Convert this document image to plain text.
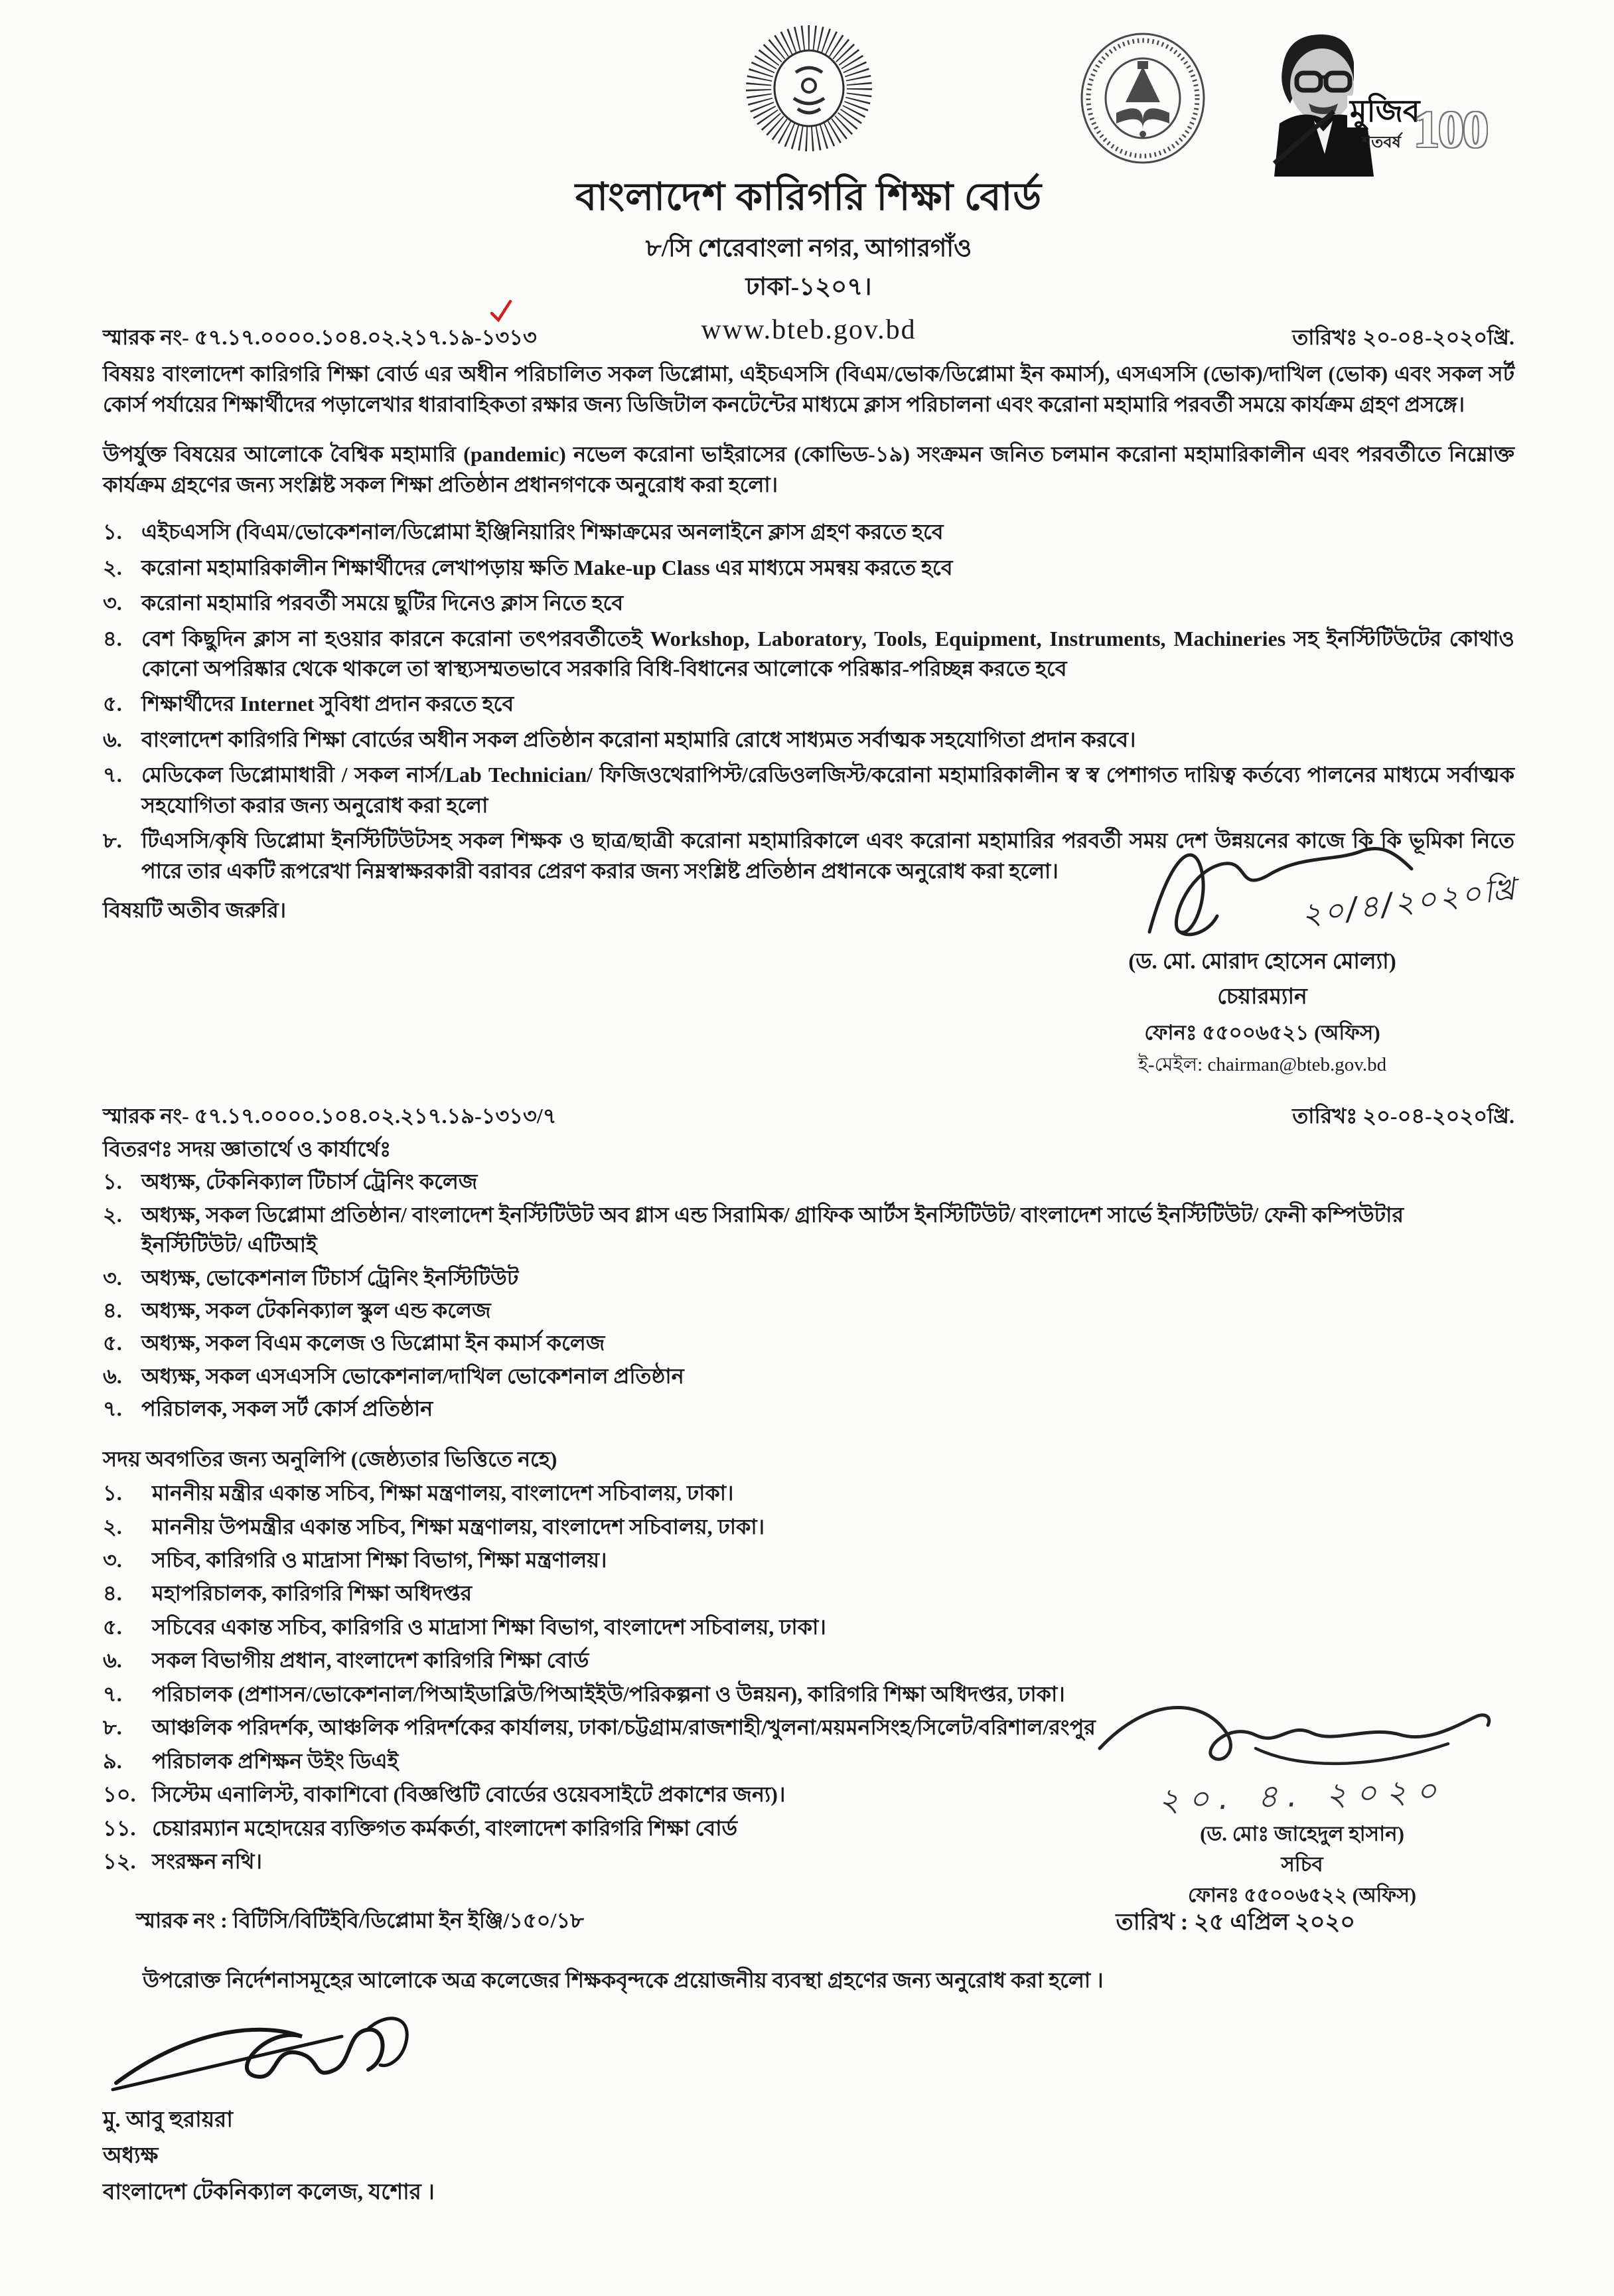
বাংলাদেশ কারিগরি শিক্ষা বোর্ড
৮/সি শেরেবাংলা নগর, আগারগাঁও
ঢাকা-১২০৭।
www.bteb.gov.bd
মুজিব
শতবর্ষ 100
স্মারক নং- ৫৭.১৭.০০০০.১০৪.০২.২১৭.১৯-১৩১৩	তারিখঃ ২০-০৪-২০২০খ্রি.

বিষয়ঃ বাংলাদেশ কারিগরি শিক্ষা বোর্ড এর অধীন পরিচালিত সকল ডিপ্লোমা, এইচএসসি (বিএম/ভোক/ডিপ্লোমা ইন কমার্স), এসএসসি (ভোক)/দাখিল (ভোক) এবং সকল সর্ট কোর্স পর্যায়ের শিক্ষার্থীদের পড়ালেখার ধারাবাহিকতা রক্ষার জন্য ডিজিটাল কনটেন্টের মাধ্যমে ক্লাস পরিচালনা এবং করোনা মহামারি পরবর্তী সময়ে কার্যক্রম গ্রহণ প্রসঙ্গে।

উপর্যুক্ত বিষয়ের আলোকে বৈশ্বিক মহামারি (pandemic) নভেল করোনা ভাইরাসের (কোভিড-১৯) সংক্রমন জনিত চলমান করোনা মহামারিকালীন এবং পরবর্তীতে নিম্নোক্ত কার্যক্রম গ্রহণের জন্য সংশ্লিষ্ট সকল শিক্ষা প্রতিষ্ঠান প্রধানগণকে অনুরোধ করা হলো।

১. এইচএসসি (বিএম/ভোকেশনাল/ডিপ্লোমা ইঞ্জিনিয়ারিং শিক্ষাক্রমের অনলাইনে ক্লাস গ্রহণ করতে হবে
২. করোনা মহামারিকালীন শিক্ষার্থীদের লেখাপড়ায় ক্ষতি Make-up Class এর মাধ্যমে সমন্বয় করতে হবে
৩. করোনা মহামারি পরবর্তী সময়ে ছুটির দিনেও ক্লাস নিতে হবে
৪. বেশ কিছুদিন ক্লাস না হওয়ার কারনে করোনা তৎপরবর্তীতেই Workshop, Laboratory, Tools, Equipment, Instruments, Machineries সহ ইনস্টিটিউটের কোথাও কোনো অপরিষ্কার থেকে থাকলে তা স্বাস্থ্যসম্মতভাবে সরকারি বিধি-বিধানের আলোকে পরিষ্কার-পরিচ্ছন্ন করতে হবে
৫. শিক্ষার্থীদের Internet সুবিধা প্রদান করতে হবে
৬. বাংলাদেশ কারিগরি শিক্ষা বোর্ডের অধীন সকল প্রতিষ্ঠান করোনা মহামারি রোধে সাধ্যমত সর্বাত্মক সহযোগিতা প্রদান করবে।
৭. মেডিকেল ডিপ্লোমাধারী / সকল নার্স/Lab Technician/ ফিজিওথেরাপিস্ট/রেডিওলজিস্ট/করোনা মহামারিকালীন স্ব স্ব পেশাগত দায়িত্ব কর্তব্যে পালনের মাধ্যমে সর্বাত্মক সহযোগিতা করার জন্য অনুরোধ করা হলো
৮. টিএসসি/কৃষি ডিপ্লোমা ইনস্টিটিউটসহ সকল শিক্ষক ও ছাত্র/ছাত্রী করোনা মহামারিকালে এবং করোনা মহামারির পরবর্তী সময় দেশ উন্নয়নের কাজে কি কি ভূমিকা নিতে পারে তার একটি রূপরেখা নিম্নস্বাক্ষরকারী বরাবর প্রেরণ করার জন্য সংশ্লিষ্ট প্রতিষ্ঠান প্রধানকে অনুরোধ করা হলো।

বিষয়টি অতীব জরুরি।	২০/৪/২০২০খ্রি
(ড. মো. মোরাদ হোসেন মোল্যা)
চেয়ারম্যান
ফোনঃ ৫৫০০৬৫২১ (অফিস)
ই-মেইল: chairman@bteb.gov.bd
স্মারক নং- ৫৭.১৭.০০০০.১০৪.০২.২১৭.১৯-১৩১৩/৭	তারিখঃ ২০-০৪-২০২০খ্রি.
বিতরণঃ সদয় জ্ঞাতার্থে ও কার্যার্থেঃ
১. অধ্যক্ষ, টেকনিক্যাল টিচার্স ট্রেনিং কলেজ
২. অধ্যক্ষ, সকল ডিপ্লোমা প্রতিষ্ঠান/ বাংলাদেশ ইনস্টিটিউট অব গ্লাস এন্ড সিরামিক/ গ্রাফিক আর্টস ইনস্টিটিউট/ বাংলাদেশ সার্ভে ইনস্টিটিউট/ ফেনী কম্পিউটার ইনস্টিটিউট/ এটিআই
৩. অধ্যক্ষ, ভোকেশনাল টিচার্স ট্রেনিং ইনস্টিটিউট
৪. অধ্যক্ষ, সকল টেকনিক্যাল স্কুল এন্ড কলেজ
৫. অধ্যক্ষ, সকল বিএম কলেজ ও ডিপ্লোমা ইন কমার্স কলেজ
৬. অধ্যক্ষ, সকল এসএসসি ভোকেশনাল/দাখিল ভোকেশনাল প্রতিষ্ঠান
৭. পরিচালক, সকল সর্ট কোর্স প্রতিষ্ঠান
সদয় অবগতির জন্য অনুলিপি (জেষ্ঠ্যতার ভিত্তিতে নহে)
১.	মাননীয় মন্ত্রীর একান্ত সচিব, শিক্ষা মন্ত্রণালয়, বাংলাদেশ সচিবালয়, ঢাকা।
২.	মাননীয় উপমন্ত্রীর একান্ত সচিব, শিক্ষা মন্ত্রণালয়, বাংলাদেশ সচিবালয়, ঢাকা।
৩.	সচিব, কারিগরি ও মাদ্রাসা শিক্ষা বিভাগ, শিক্ষা মন্ত্রণালয়।
৪.	মহাপরিচালক, কারিগরি শিক্ষা অধিদপ্তর
৫.	সচিবের একান্ত সচিব, কারিগরি ও মাদ্রাসা শিক্ষা বিভাগ, বাংলাদেশ সচিবালয়, ঢাকা।
৬.	সকল বিভাগীয় প্রধান, বাংলাদেশ কারিগরি শিক্ষা বোর্ড
৭.	পরিচালক (প্রশাসন/ভোকেশনাল/পিআইডাব্লিউ/পিআইইউ/পরিকল্পনা ও উন্নয়ন), কারিগরি শিক্ষা অধিদপ্তর, ঢাকা।
৮.	আঞ্চলিক পরিদর্শক, আঞ্চলিক পরিদর্শকের কার্যালয়, ঢাকা/চট্টগ্রাম/রাজশাহী/খুলনা/ময়মনসিংহ/সিলেট/বরিশাল/রংপুর
৯.	পরিচালক প্রশিক্ষন উইং ডিএই
১০. সিস্টেম এনালিস্ট, বাকাশিবো (বিজ্ঞপ্তিটি বোর্ডের ওয়েবসাইটে প্রকাশের জন্য)।
১১. চেয়ারম্যান মহোদয়ের ব্যক্তিগত কর্মকর্তা, বাংলাদেশ কারিগরি শিক্ষা বোর্ড
১২. সংরক্ষন নথি।
২০. ৪. ২০২০
(ড. মোঃ জাহেদুল হাসান)
সচিব
ফোনঃ ৫৫০০৬৫২২ (অফিস)
স্মারক নং : বিটিসি/বিটিইবি/ডিপ্লোমা ইন ইঞ্জি/১৫০/১৮	তারিখ : ২৫ এপ্রিল ২০২০

উপরোক্ত নির্দেশনাসমূহের আলোকে অত্র কলেজের শিক্ষকবৃন্দকে প্রয়োজনীয় ব্যবস্থা গ্রহণের জন্য অনুরোধ করা হলো ।

মু. আবু হুরায়রা
অধ্যক্ষ
বাংলাদেশ টেকনিক্যাল কলেজ, যশোর ।
